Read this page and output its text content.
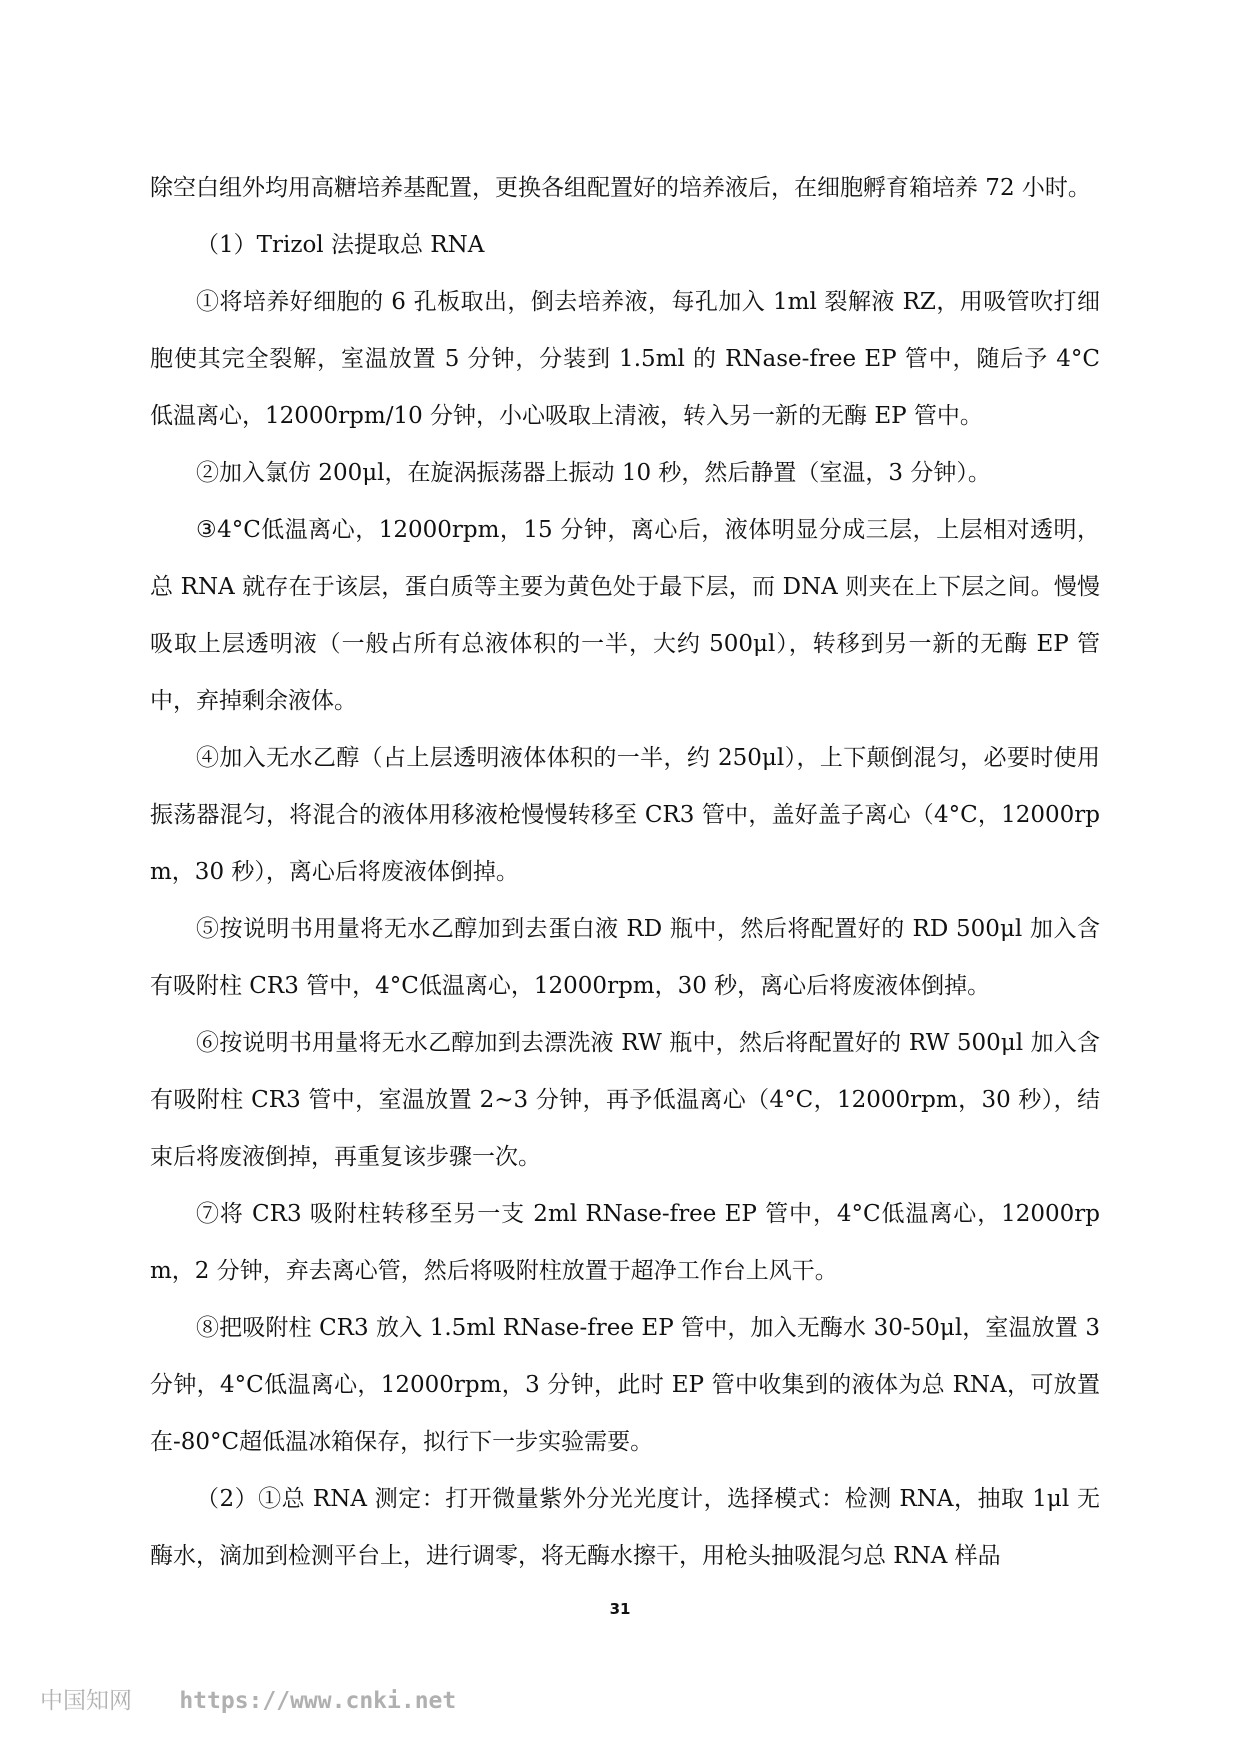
除空白组外均用高糖培养基配置，更换各组配置好的培养液后，在细胞孵育箱培养 72 小时。

（1）Trizol 法提取总 RNA

①将培养好细胞的 6 孔板取出，倒去培养液，每孔加入 1ml 裂解液 RZ，用吸管吹打细胞使其完全裂解，室温放置 5 分钟，分装到 1.5ml 的 RNase-free EP 管中，随后予 4°C 低温离心，12000rpm/10 分钟，小心吸取上清液，转入另一新的无酶 EP 管中。

②加入氯仿 200μl，在旋涡振荡器上振动 10 秒，然后静置（室温，3 分钟）。

③4°C低温离心，12000rpm，15 分钟，离心后，液体明显分成三层，上层相对透明，总 RNA 就存在于该层，蛋白质等主要为黄色处于最下层，而 DNA 则夹在上下层之间。慢慢吸取上层透明液（一般占所有总液体积的一半，大约 500μl），转移到另一新的无酶 EP 管中，弃掉剩余液体。

④加入无水乙醇（占上层透明液体体积的一半，约 250μl），上下颠倒混匀，必要时使用振荡器混匀，将混合的液体用移液枪慢慢转移至 CR3 管中，盖好盖子离心（4°C，12000rpm，30 秒），离心后将废液体倒掉。

⑤按说明书用量将无水乙醇加到去蛋白液 RD 瓶中，然后将配置好的 RD 500μl 加入含有吸附柱 CR3 管中，4°C低温离心，12000rpm，30 秒，离心后将废液体倒掉。

⑥按说明书用量将无水乙醇加到去漂洗液 RW 瓶中，然后将配置好的 RW 500μl 加入含有吸附柱 CR3 管中，室温放置 2~3 分钟，再予低温离心（4°C，12000rpm，30 秒），结束后将废液倒掉，再重复该步骤一次。

⑦将 CR3 吸附柱转移至另一支 2ml RNase-free EP 管中，4°C低温离心，12000rpm，2 分钟，弃去离心管，然后将吸附柱放置于超净工作台上风干。

⑧把吸附柱 CR3 放入 1.5ml RNase-free EP 管中，加入无酶水 30-50μl，室温放置 3 分钟，4°C低温离心，12000rpm，3 分钟，此时 EP 管中收集到的液体为总 RNA，可放置在-80°C超低温冰箱保存，拟行下一步实验需要。

（2）①总 RNA 测定：打开微量紫外分光光度计，选择模式：检测 RNA，抽取 1μl 无酶水，滴加到检测平台上，进行调零，将无酶水擦干，用枪头抽吸混匀总 RNA 样品

31
中国知网 https://www.cnki.net
